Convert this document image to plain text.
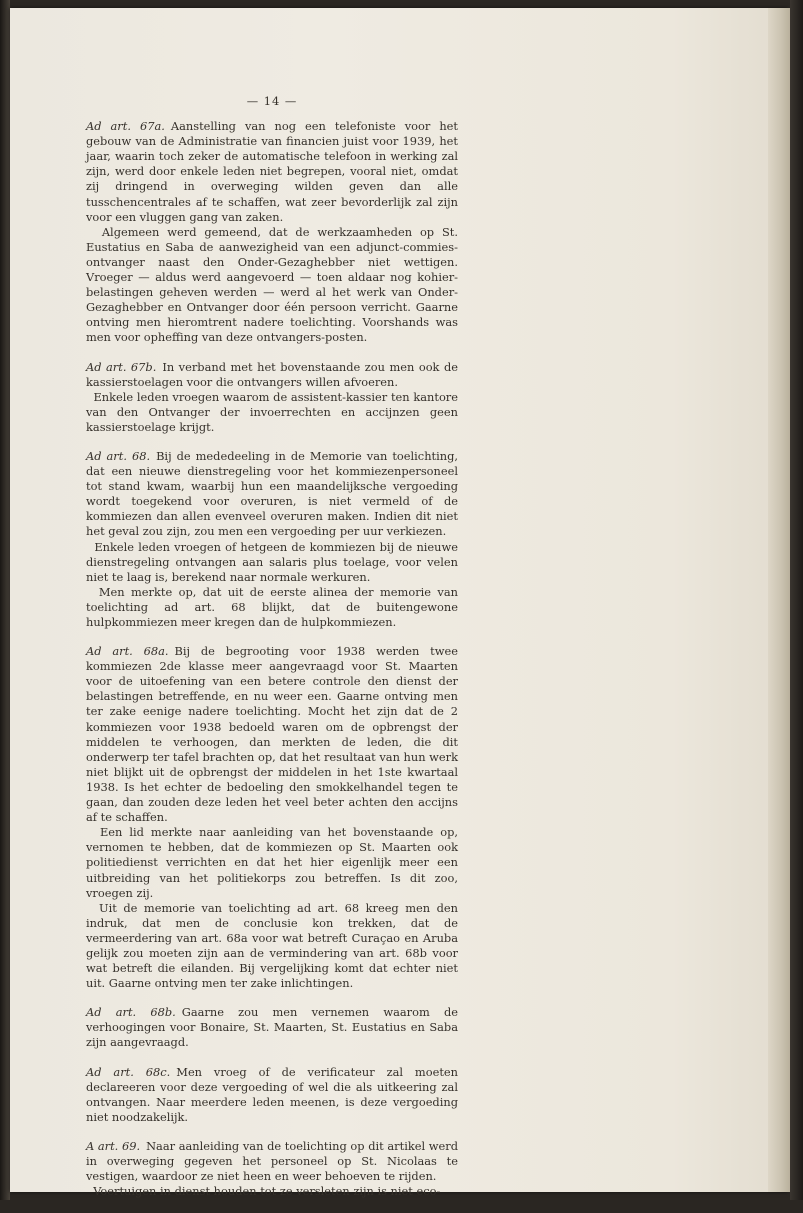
— 14 —

Ad art. 67a. Aanstelling van nog een telefoniste voor het gebouw van de Administratie van financien juist voor 1939, het jaar, waarin toch zeker de automatische telefoon in werking zal zijn, werd door enkele leden niet begrepen, vooral niet, omdat zij dringend in overweging wilden geven dan alle tusschencentrales af te schaffen, wat zeer bevorderlijk zal zijn voor een vluggen gang van zaken.

Algemeen werd gemeend, dat de werkzaamheden op St. Eustatius en Saba de aanwezigheid van een adjunct-commies- ontvanger naast den Onder-Gezaghebber niet wettigen. Vroeger — aldus werd aangevoerd — toen aldaar nog kohier-belastingen geheven werden — werd al het werk van Onder-Gezaghebber en Ontvanger door één persoon verricht. Gaarne ontving men hieromtrent nadere toelichting. Voorshands was men voor opheffing van deze ontvangers-posten.

Ad art. 67b. In verband met het bovenstaande zou men ook de kassierstoelagen voor die ontvangers willen afvoeren.

Enkele leden vroegen waarom de assistent-kassier ten kantore van den Ontvanger der invoerrechten en accijnzen geen kassierstoelage krijgt.

Ad art. 68. Bij de mededeeling in de Memorie van toelichting, dat een nieuwe dienstregeling voor het kommiezenpersoneel tot stand kwam, waarbij hun een maandelijksche vergoeding wordt toegekend voor overuren, is niet vermeld of de kommiezen dan allen evenveel overuren maken. Indien dit niet het geval zou zijn, zou men een vergoeding per uur verkiezen.

Enkele leden vroegen of hetgeen de kommiezen bij de nieuwe dienstregeling ontvangen aan salaris plus toelage, voor velen niet te laag is, berekend naar normale werkuren.

Men merkte op, dat uit de eerste alinea der memorie van toelichting ad art. 68 blijkt, dat de buitengewone hulpkommiezen meer kregen dan de hulpkommiezen.

Ad art. 68a. Bij de begrooting voor 1938 werden twee kommiezen 2de klasse meer aangevraagd voor St. Maarten voor de uitoefening van een betere controle den dienst der belastingen betreffende, en nu weer een. Gaarne ontving men ter zake eenige nadere toelichting. Mocht het zijn dat de 2 kommiezen voor 1938 bedoeld waren om de opbrengst der middelen te verhoogen, dan merkten de leden, die dit onderwerp ter tafel brachten op, dat het resultaat van hun werk niet blijkt uit de opbrengst der middelen in het 1ste kwartaal 1938. Is het echter de bedoeling den smokkelhandel tegen te gaan, dan zouden deze leden het veel beter achten den accijns af te schaffen.

Een lid merkte naar aanleiding van het bovenstaande op, vernomen te hebben, dat de kommiezen op St. Maarten ook politiedienst verrichten en dat het hier eigenlijk meer een uitbreiding van het politiekorps zou betreffen. Is dit zoo, vroegen zij.

Uit de memorie van toelichting ad art. 68 kreeg men den indruk, dat men de conclusie kon trekken, dat de vermeerdering van art. 68a voor wat betreft Curaçao en Aruba gelijk zou moeten zijn aan de vermindering van art. 68b voor wat betreft die eilanden. Bij vergelijking komt dat echter niet uit. Gaarne ontving men ter zake inlichtingen.

Ad art. 68b. Gaarne zou men vernemen waarom de verhoogingen voor Bonaire, St. Maarten, St. Eustatius en Saba zijn aangevraagd.

Ad art. 68c. Men vroeg of de verificateur zal moeten declareeren voor deze vergoeding of wel die als uitkeering zal ontvangen. Naar meerdere leden meenen, is deze vergoeding niet noodzakelijk.

A art. 69. Naar aanleiding van de toelichting op dit artikel werd in overweging gegeven het personeel op St. Nicolaas te vestigen, waardoor ze niet heen en weer behoeven te rijden.

Voertuigen in dienst houden tot ze versleten zijn is niet eco-
